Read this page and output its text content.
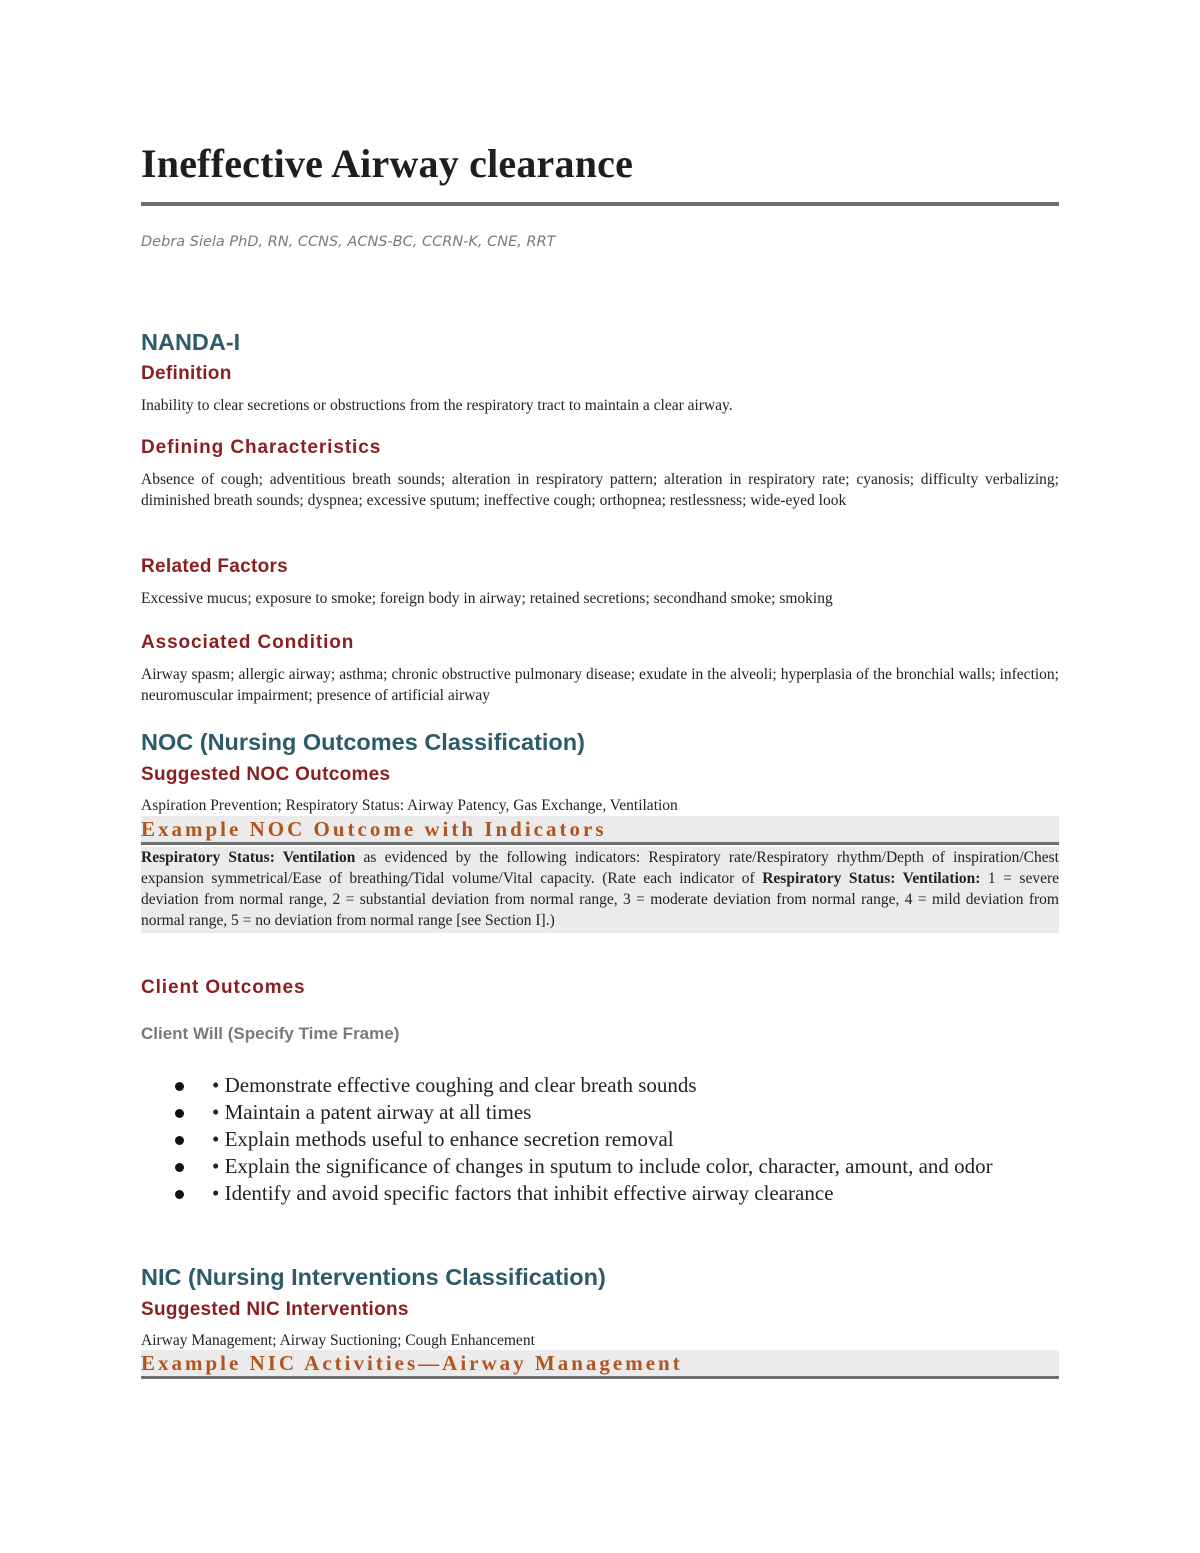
Ineffective Airway clearance
Debra Siela PhD, RN, CCNS, ACNS-BC, CCRN-K, CNE, RRT
NANDA-I
Definition

Inability to clear secretions or obstructions from the respiratory tract to maintain a clear airway.

Defining Characteristics

Absence of cough; adventitious breath sounds; alteration in respiratory pattern; alteration in respiratory rate; cyanosis; difficulty verbalizing; diminished breath sounds; dyspnea; excessive sputum; ineffective cough; orthopnea; restlessness; wide-eyed look

Related Factors

Excessive mucus; exposure to smoke; foreign body in airway; retained secretions; secondhand smoke; smoking

Associated Condition

Airway spasm; allergic airway; asthma; chronic obstructive pulmonary disease; exudate in the alveoli; hyperplasia of the bronchial walls; infection; neuromuscular impairment; presence of artificial airway

NOC (Nursing Outcomes Classification)
Suggested NOC Outcomes

Aspiration Prevention; Respiratory Status: Airway Patency, Gas Exchange, Ventilation

Example NOC Outcome with Indicators

Respiratory Status: Ventilation as evidenced by the following indicators: Respiratory rate/Respiratory rhythm/Depth of inspiration/Chest expansion symmetrical/Ease of breathing/Tidal volume/Vital capacity. (Rate each indicator of Respiratory Status: Ventilation: 1 = severe deviation from normal range, 2 = substantial deviation from normal range, 3 = moderate deviation from normal range, 4 = mild deviation from normal range, 5 = no deviation from normal range [see Section I].)

Client Outcomes
Client Will (Specify Time Frame)
• Demonstrate effective coughing and clear breath sounds
• Maintain a patent airway at all times
• Explain methods useful to enhance secretion removal
• Explain the significance of changes in sputum to include color, character, amount, and odor
• Identify and avoid specific factors that inhibit effective airway clearance
NIC (Nursing Interventions Classification)
Suggested NIC Interventions

Airway Management; Airway Suctioning; Cough Enhancement

Example NIC Activities—Airway Management
